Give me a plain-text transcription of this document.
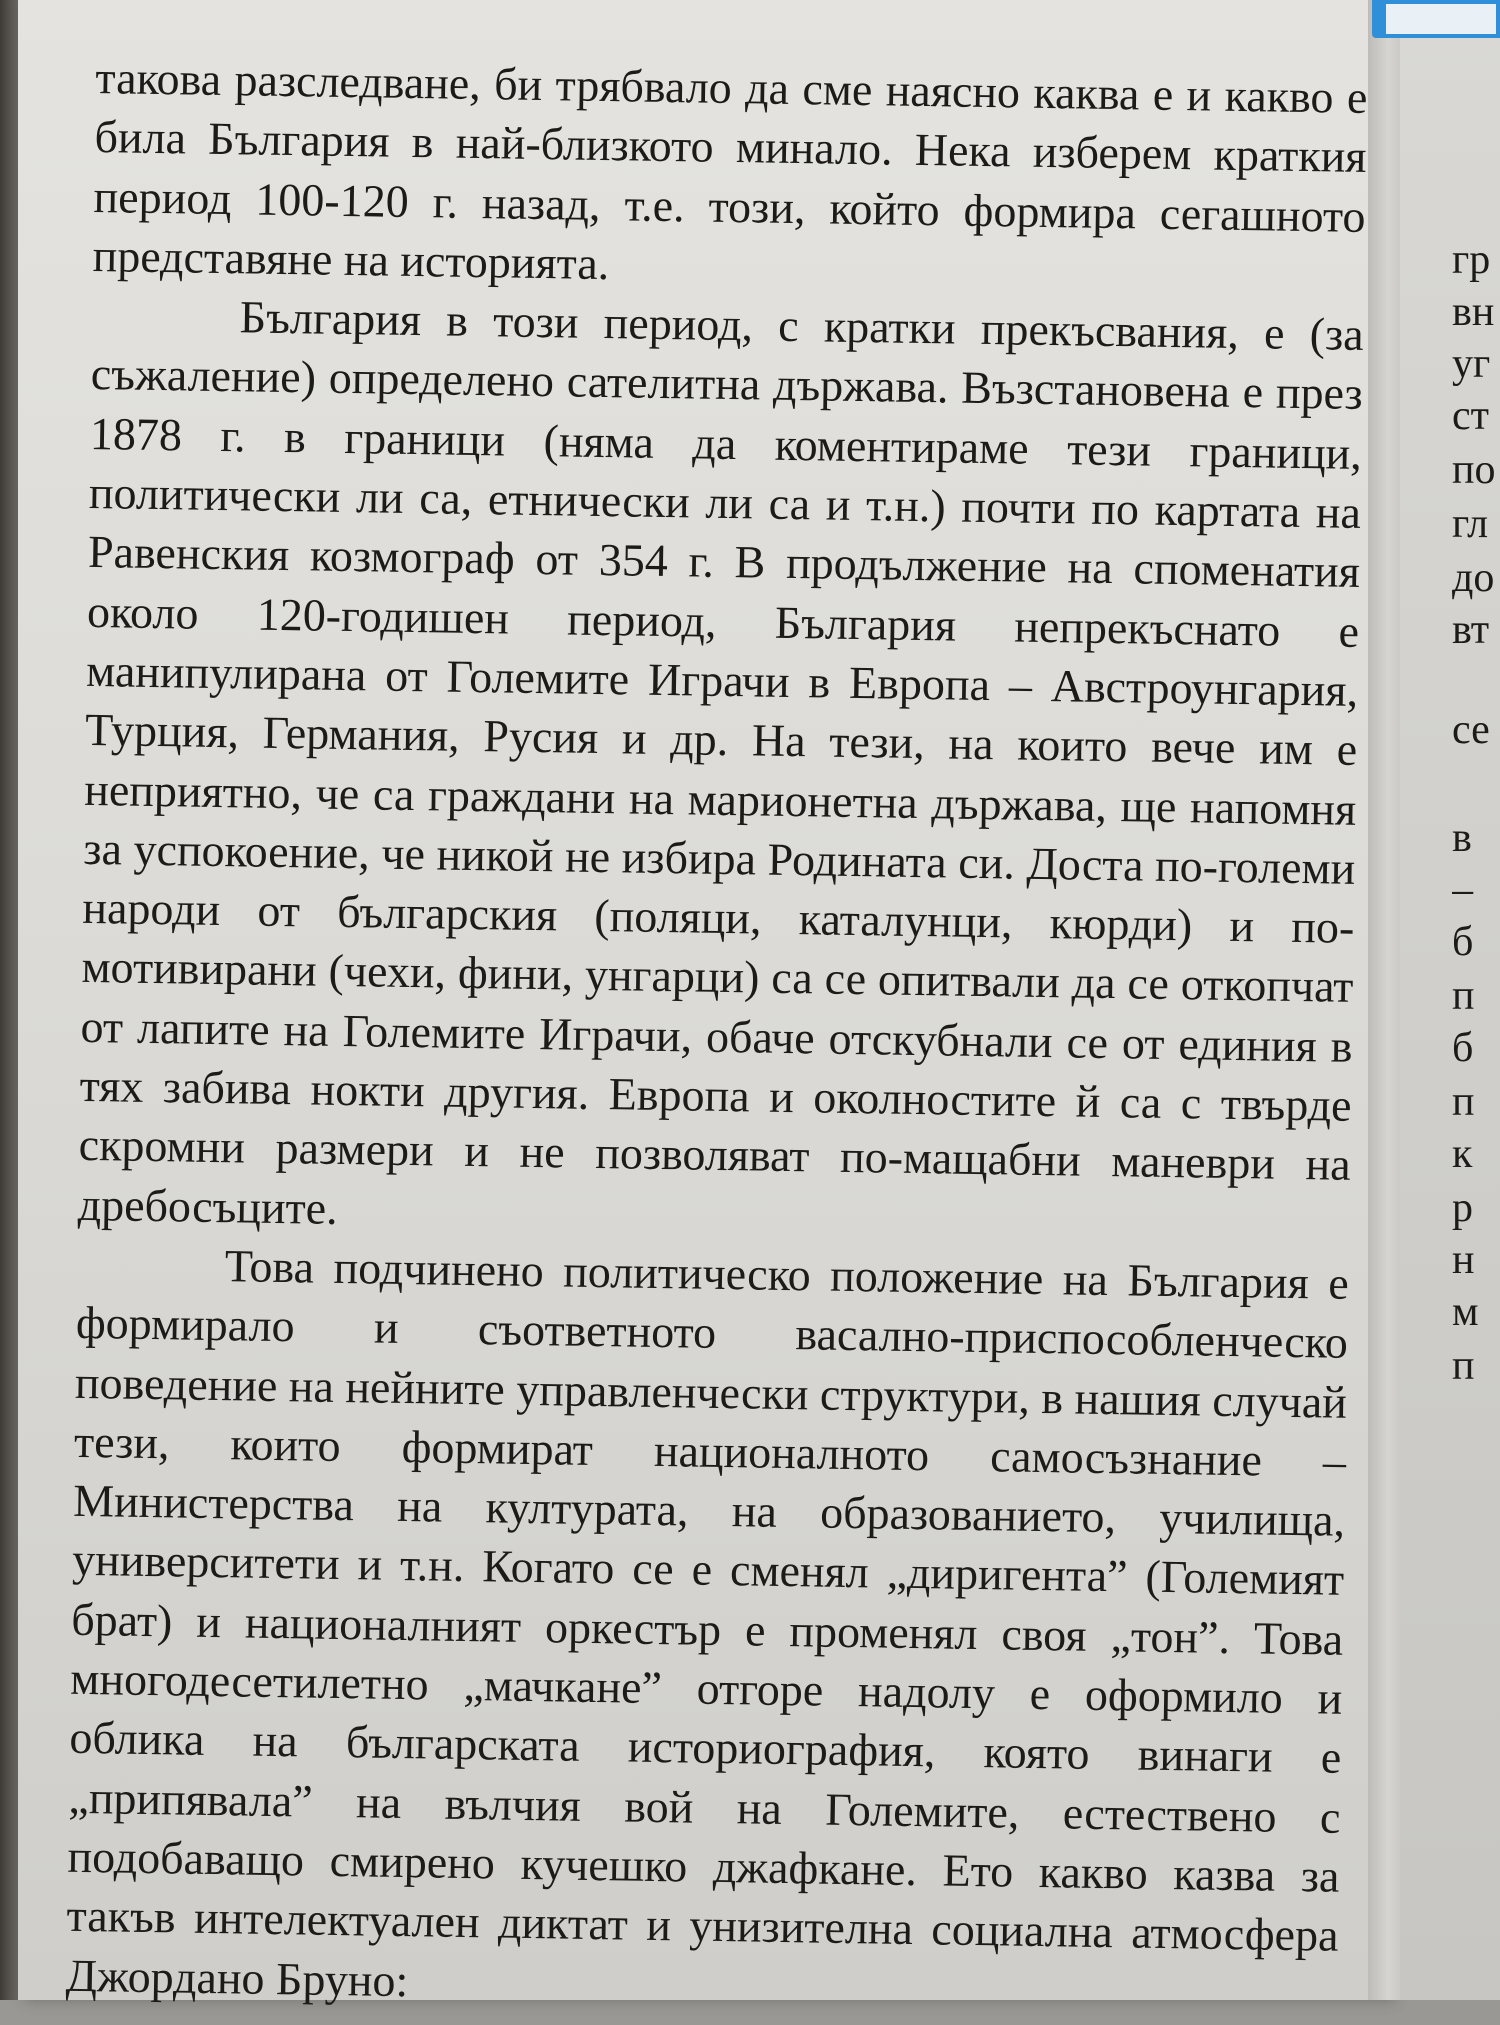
такова разследване, би трябвало да сме наясно каква е и какво е била България в най-близкото минало. Нека изберем краткия период 100-120 г. назад, т.е. този, който формира сегашното представяне на историята.

България в този период, с кратки прекъсвания, е (за съжаление) определено сателитна държава. Възстановена е през 1878 г. в граници (няма да коментираме тези граници, политически ли са, етнически ли са и т.н.) почти по картата на Равенския козмограф от 354 г. В продължение на споменатия около 120-годишен период, България непрекъснато е манипулирана от Големите Играчи в Европа – Австроунгария, Турция, Германия, Русия и др. На тези, на които вече им е неприятно, че са граждани на марионетна държава, ще напомня за успокоение, че никой не избира Родината си. Доста по-големи народи от българския (поляци, каталунци, кюрди) и по-мотивирани (чехи, фини, унгарци) са се опитвали да се откопчат от лапите на Големите Играчи, обаче отскубнали се от единия в тях забива нокти другия. Европа и околностите й са с твърде скромни размери и не позволяват по-мащабни маневри на дребосъците.

Това подчинено политическо положение на България е формирало и съответното васално-приспособленческо поведение на нейните управленчески структури, в нашия случай тези, които формират националното самосъзнание – Министерства на културата, на образованието, училища, университети и т.н. Когато се е сменял „диригента” (Големият брат) и националният оркестър е променял своя „тон”. Това многодесетилетно „мачкане” отгоре надолу е оформило и облика на българската историография, която винаги е „припявала” на вълчия вой на Големите, естествено с подобаващо смирено кучешко джафкане. Ето какво казва за такъв интелектуален диктат и унизителна социална атмосфера Джордано Бруно:

гр
вн
уг
ст
по
гл
до
вт
се
в
–
б
п
б
п
к
р
н
м
п
